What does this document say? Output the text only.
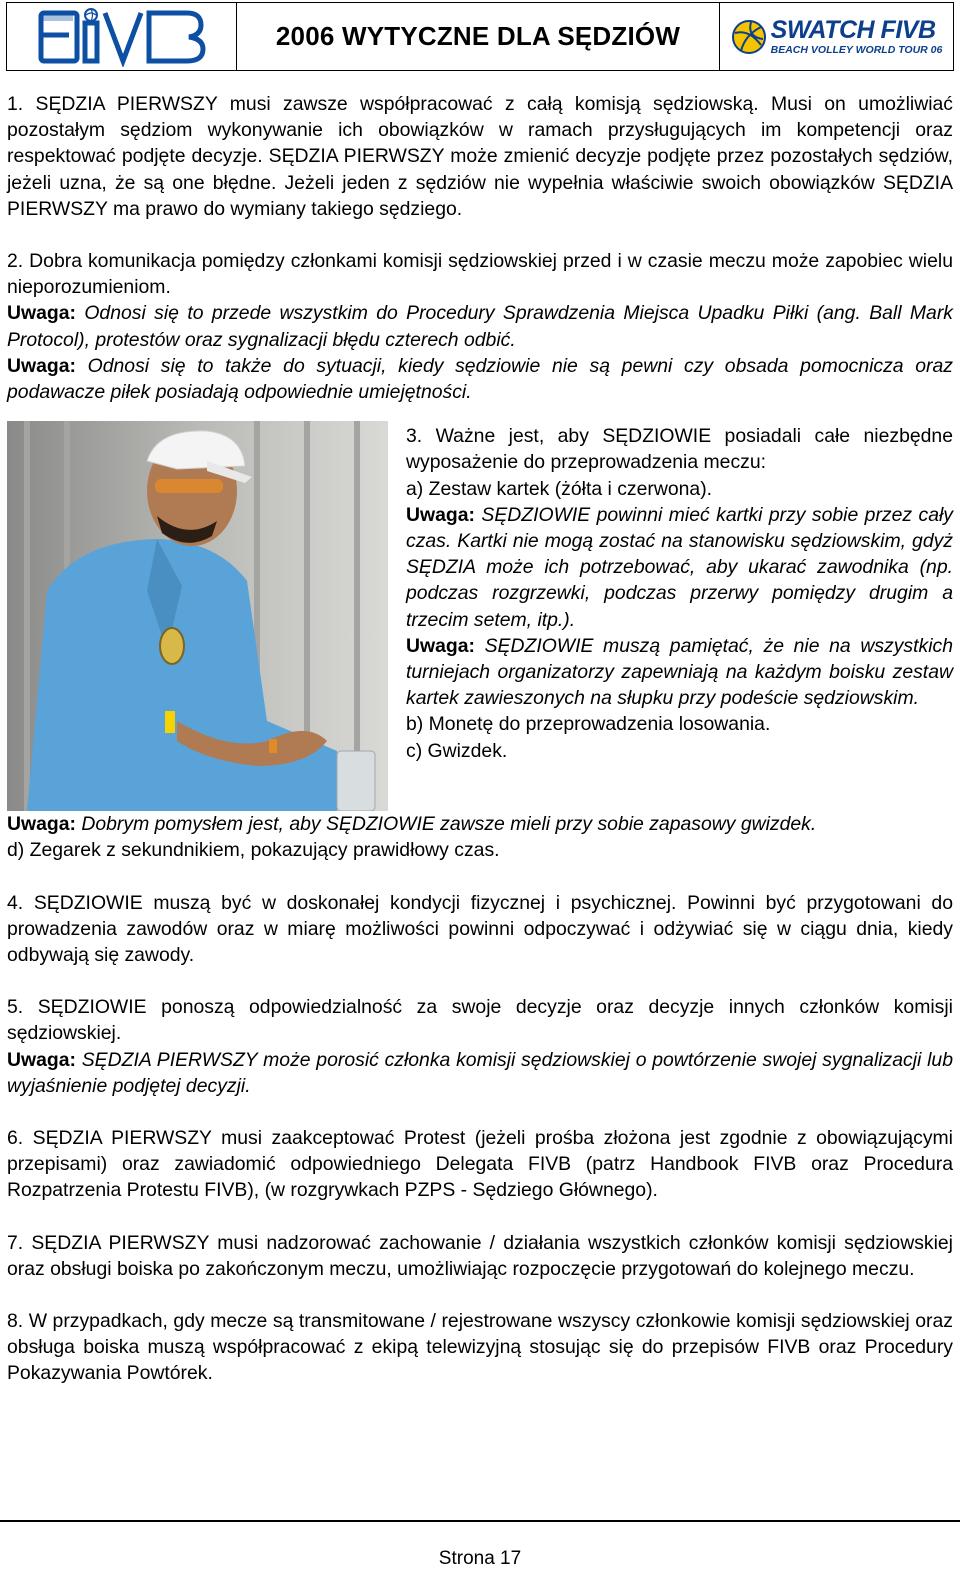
2006 WYTYCZNE DLA SĘDZIÓW	SWATCH FIVB
BEACH VOLLEY WORLD TOUR 06

1. SĘDZIA PIERWSZY musi zawsze współpracować z całą komisją sędziowską. Musi on umożliwiać pozostałym sędziom wykonywanie ich obowiązków w ramach przysługujących im kompetencji oraz respektować podjęte decyzje. SĘDZIA PIERWSZY może zmienić decyzje podjęte przez pozostałych sędziów, jeżeli uzna, że są one błędne. Jeżeli jeden z sędziów nie wypełnia właściwie swoich obowiązków SĘDZIA PIERWSZY ma prawo do wymiany takiego sędziego.

2. Dobra komunikacja pomiędzy członkami komisji sędziowskiej przed i w czasie meczu może zapobiec wielu nieporozumieniom.

Uwaga: Odnosi się to przede wszystkim do Procedury Sprawdzenia Miejsca Upadku Piłki (ang. Ball Mark Protocol), protestów oraz sygnalizacji błędu czterech odbić.

Uwaga: Odnosi się to także do sytuacji, kiedy sędziowie nie są pewni czy obsada pomocnicza oraz podawacze piłek posiadają odpowiednie umiejętności.

3. Ważne jest, aby SĘDZIOWIE posiadali całe niezbędne wyposażenie do przeprowadzenia meczu:

a) Zestaw kartek (żółta i czerwona).

Uwaga: SĘDZIOWIE powinni mieć kartki przy sobie przez cały czas. Kartki nie mogą zostać na stanowisku sędziowskim, gdyż SĘDZIA może ich potrzebować, aby ukarać zawodnika (np. podczas rozgrzewki, podczas przerwy pomiędzy drugim a trzecim setem, itp.).

Uwaga: SĘDZIOWIE muszą pamiętać, że nie na wszystkich turniejach organizatorzy zapewniają na każdym boisku zestaw kartek zawieszonych na słupku przy podeście sędziowskim.

b) Monetę do przeprowadzenia losowania.

c) Gwizdek.

Uwaga: Dobrym pomysłem jest, aby SĘDZIOWIE zawsze mieli przy sobie zapasowy gwizdek.

d) Zegarek z sekundnikiem, pokazujący prawidłowy czas.

4. SĘDZIOWIE muszą być w doskonałej kondycji fizycznej i psychicznej. Powinni być przygotowani do prowadzenia zawodów oraz w miarę możliwości powinni odpoczywać i odżywiać się w ciągu dnia, kiedy odbywają się zawody.

5. SĘDZIOWIE ponoszą odpowiedzialność za swoje decyzje oraz decyzje innych członków komisji sędziowskiej.

Uwaga: SĘDZIA PIERWSZY może porosić członka komisji sędziowskiej o powtórzenie swojej sygnalizacji lub wyjaśnienie podjętej decyzji.

6. SĘDZIA PIERWSZY musi zaakceptować Protest (jeżeli prośba złożona jest zgodnie z obowiązującymi przepisami) oraz zawiadomić odpowiedniego Delegata FIVB (patrz Handbook FIVB oraz Procedura Rozpatrzenia Protestu FIVB), (w rozgrywkach PZPS - Sędziego Głównego).

7. SĘDZIA PIERWSZY musi nadzorować zachowanie / działania wszystkich członków komisji sędziowskiej oraz obsługi boiska po zakończonym meczu, umożliwiając rozpoczęcie przygotowań do kolejnego meczu.

8. W przypadkach, gdy mecze są transmitowane / rejestrowane wszyscy członkowie komisji sędziowskiej oraz obsługa boiska muszą współpracować z ekipą telewizyjną stosując się do przepisów FIVB oraz Procedury Pokazywania Powtórek.

Strona 17
